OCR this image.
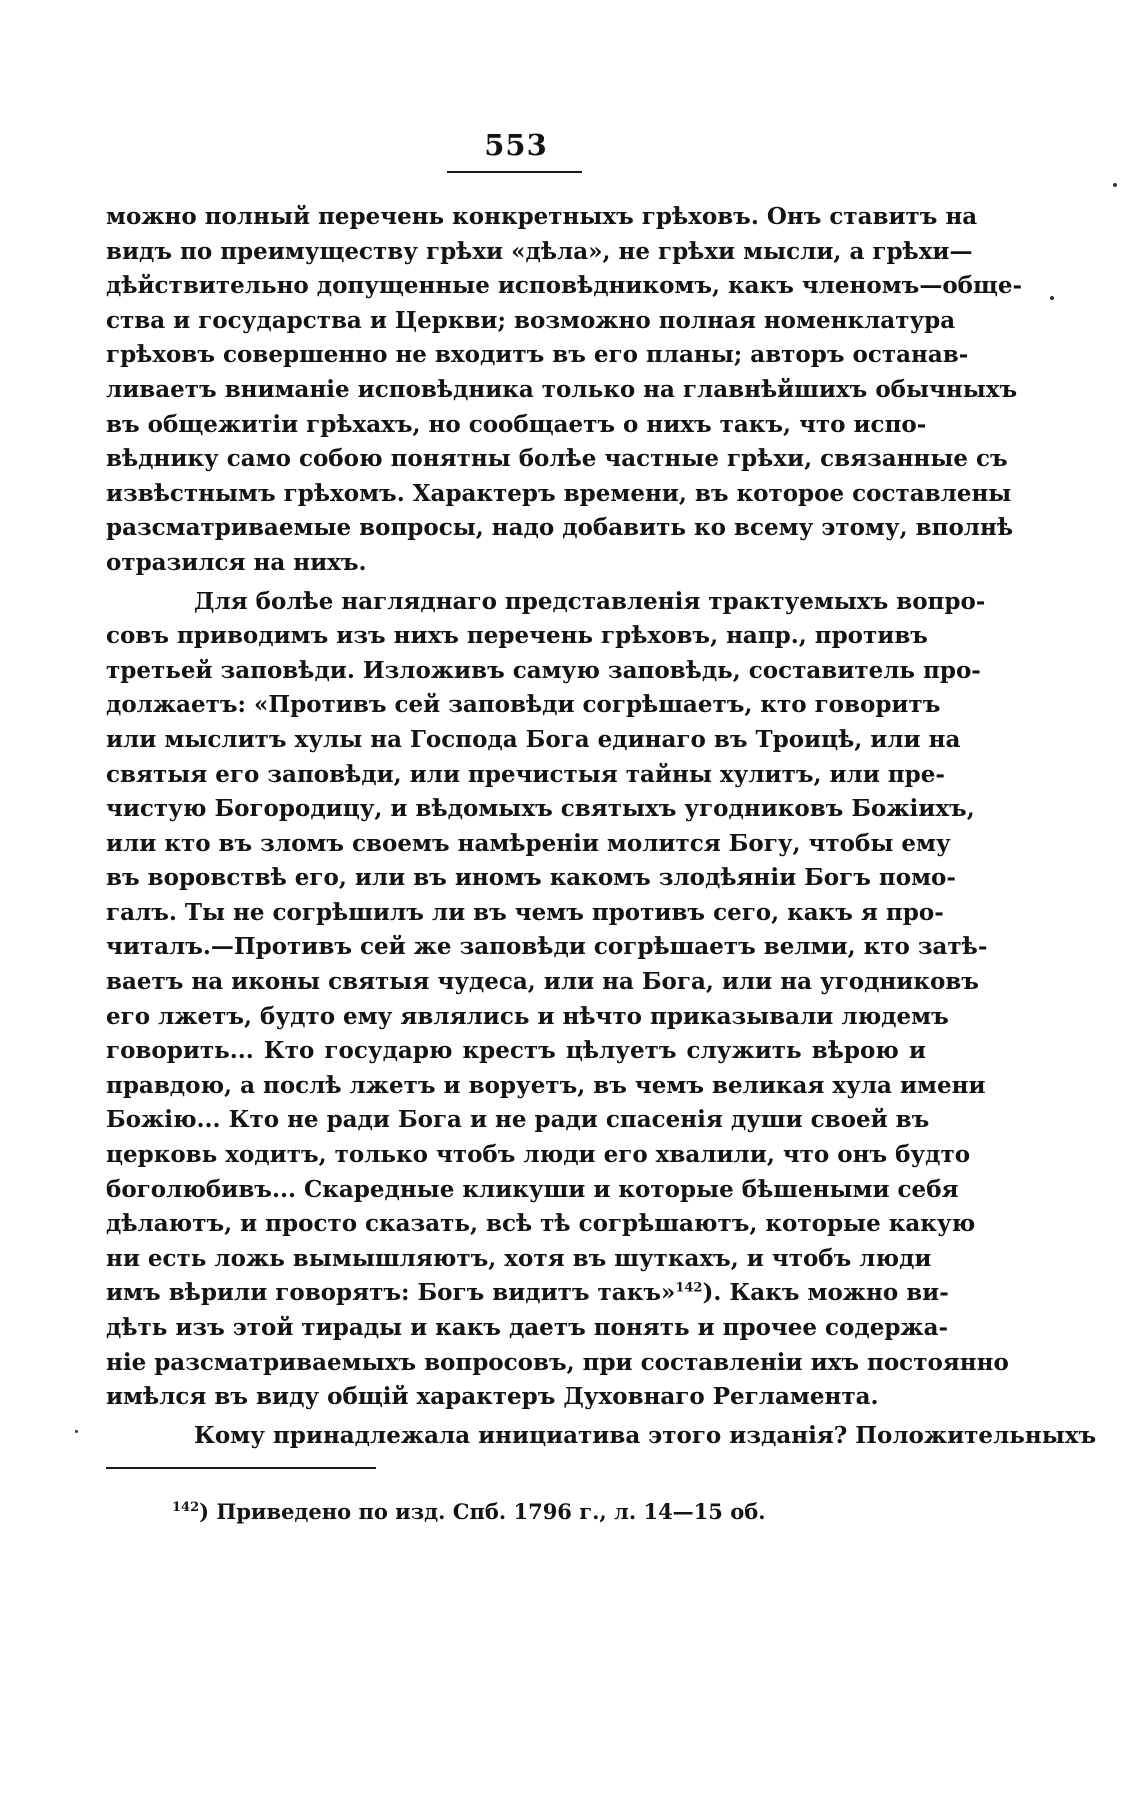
553
можно полный перечень конкретныхъ грѣховъ. Онъ ставитъ на
видъ по преимуществу грѣхи «дѣла», не грѣхи мысли, а грѣхи—
дѣйствительно допущенные исповѣдникомъ, какъ членомъ—обще-
ства и государства и Церкви; возможно полная номенклатура
грѣховъ совершенно не входитъ въ его планы; авторъ останав-
ливаетъ вниманіе исповѣдника только на главнѣйшихъ обычныхъ
въ общежитіи грѣхахъ, но сообщаетъ о нихъ такъ, что испо-
вѣднику само собою понятны болѣе частные грѣхи, связанные съ
извѣстнымъ грѣхомъ. Характеръ времени, въ которое составлены
разсматриваемые вопросы, надо добавить ко всему этому, вполнѣ
отразился на нихъ.
Для болѣе нагляднаго представленія трактуемыхъ вопро-
совъ приводимъ изъ нихъ перечень грѣховъ, напр., противъ
третьей заповѣди. Изложивъ самую заповѣдь, составитель про-
должаетъ: «Противъ сей заповѣди согрѣшаетъ, кто говоритъ
или мыслитъ хулы на Господа Бога единаго въ Троицѣ, или на
святыя его заповѣди, или пречистыя тайны хулитъ, или пре-
чистую Богородицу, и вѣдомыхъ святыхъ угодниковъ Божіихъ,
или кто въ зломъ своемъ намѣреніи молится Богу, чтобы ему
въ воровствѣ его, или въ иномъ какомъ злодѣяніи Богъ помо-
галъ. Ты не согрѣшилъ ли въ чемъ противъ сего, какъ я про-
читалъ.—Противъ сей же заповѣди согрѣшаетъ велми, кто затѣ-
ваетъ на иконы святыя чудеса, или на Бога, или на угодниковъ
его лжетъ, будто ему являлись и нѣчто приказывали людемъ
говорить... Кто государю крестъ цѣлуетъ служить вѣрою и
правдою, а послѣ лжетъ и воруетъ, въ чемъ великая хула имени
Божію... Кто не ради Бога и не ради спасенія души своей въ
церковь ходитъ, только чтобъ люди его хвалили, что онъ будто
боголюбивъ... Скаредные кликуши и которые бѣшеными себя
дѣлаютъ, и просто сказать, всѣ тѣ согрѣшаютъ, которые какую
ни есть ложь вымышляютъ, хотя въ шуткахъ, и чтобъ люди
имъ вѣрили говорятъ: Богъ видитъ такъ»$^{142}$). Какъ можно ви-
дѣть изъ этой тирады и какъ даетъ понять и прочее содержа-
ніе разсматриваемыхъ вопросовъ, при составленіи ихъ постоянно
имѣлся въ виду общій характеръ Духовнаго Регламента.
Кому принадлежала инициатива этого изданія? Положительныхъ
$^{142}$) Приведено по изд. Спб. 1796 г., л. 14—15 об.
